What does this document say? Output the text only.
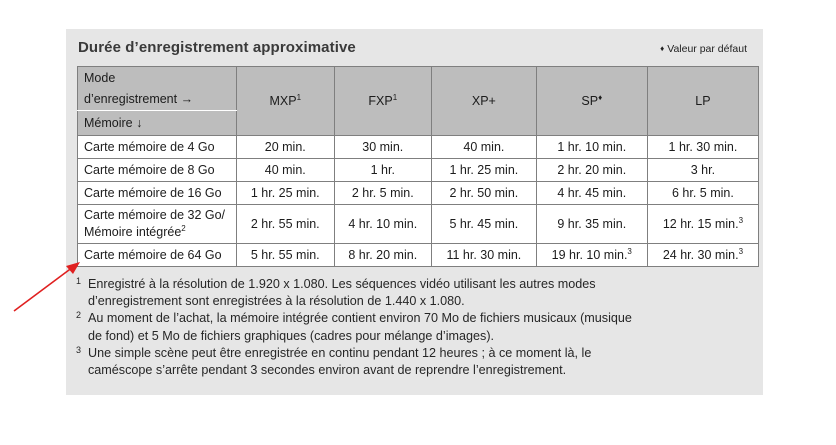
Durée d’enregistrement approximative	♦ Valeur par défaut
Mode
d’enregistrement →	$MXP^1$	FXP$^1$	XP+	SP♦	LP
Mémoire ↓					
Carte mémoire de 4 Go	20 min.	30 min.	40 min.	1 hr. 10 min.	1 hr. 30 min.
Carte mémoire de 8 Go	40 min.	1 hr.	1 hr. 25 min.	2 hr. 20 min.	3 hr.
Carte mémoire de 16 Go	1 hr. 25 min.	2 hr. 5 min.	2 hr. 50 min.	4 hr. 45 min.	6 hr. 5 min.

Carte mémoire de 32 Go/
Mémoire intégrée$^2$	2 hr. 55 min.	4 hr. 10 min.	5 hr. 45 min.	9 hr. 35 min.	12 hr. 15 min.$^3$
Carte mémoire de 64 Go	5 hr. 55 min.	8 hr. 20 min.	11 hr. 30 min.	19 hr. 10 min.$^3$	24 hr. 30 min.$^3$
1 Enregistré à la résolution de 1.920 x 1.080. Les séquences vidéo utilisant les autres modes
d’enregistrement sont enregistrées à la résolution de 1.440 x 1.080.
2 Au moment de l’achat, la mémoire intégrée contient environ 70 Mo de fichiers musicaux (musique
de fond) et 5 Mo de fichiers graphiques (cadres pour mélange d’images).
3 Une simple scène peut être enregistrée en continu pendant 12 heures ; à ce moment là, le
caméscope s’arrête pendant 3 secondes environ avant de reprendre l’enregistrement.
